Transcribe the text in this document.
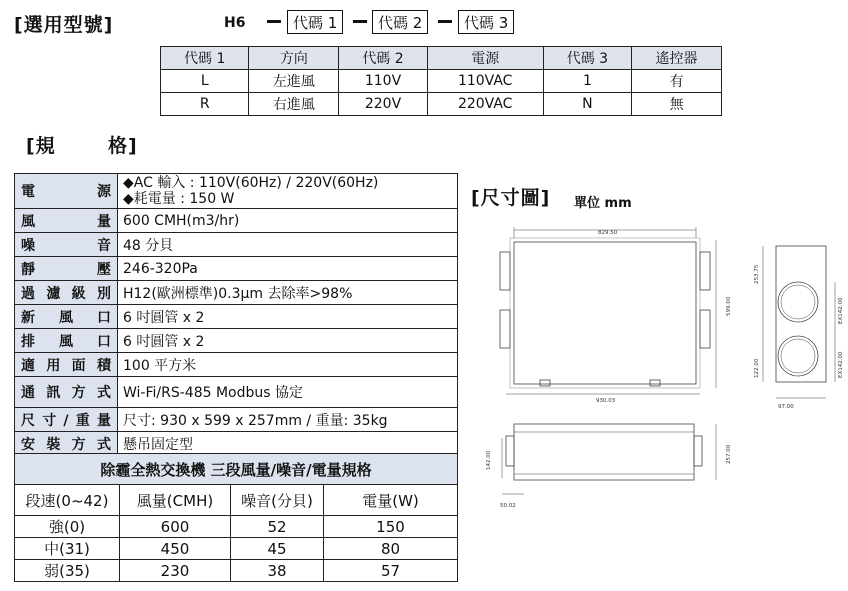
[選用型號]	H6	代碼 1	代碼 2	代碼 3
代碼 1	方向	代碼 2	電源	代碼 3	遙控器
L	左進風	110V	110VAC	1	有
R	右進風	220V	220VAC	N	無
[規	格]
電源	◆AC 輸入 : 110V(60Hz) / 220V(60Hz)
◆耗電量 : 150 W

風量	600 CMH(m3/hr)
噪音	48 分貝
靜壓	246-320Pa
過濾級別	H12(歐洲標準)0.3μm 去除率>98%
新風口	6 吋圓管 x 2
排風口	6 吋圓管 x 2
適用面積	100 平方米
通訊方式	Wi-Fi/RS-485 Modbus 協定
尺寸/重量	尺寸: 930 x 599 x 257mm / 重量: 35kg
安裝方式	懸吊固定型
除霾全熱交換機 三段風量/噪音/電量規格			
段速(0~42)	風量(CMH)	噪音(分貝)	電量(W)
強(0)	600	52	150
中(31)	450	45	80
弱(35)	230	38	57
[尺寸圖] 單位 mm
829.50
930.03
599.00
253.75
122.00
97.00
EX142.00
EX142.00
142.00	257.00
50.02
